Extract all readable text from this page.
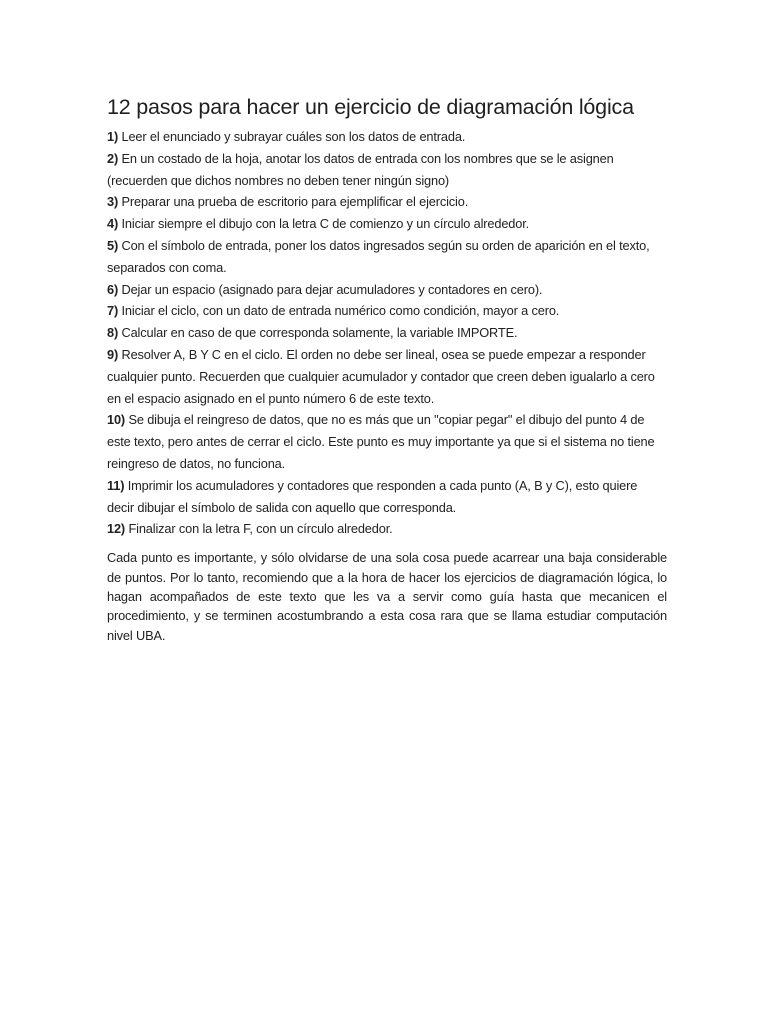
12 pasos para hacer un ejercicio de diagramación lógica
1) Leer el enunciado y subrayar cuáles son los datos de entrada.
2) En un costado de la hoja, anotar los datos de entrada con los nombres que se le asignen (recuerden que dichos nombres no deben tener ningún signo)
3) Preparar una prueba de escritorio para ejemplificar el ejercicio.
4) Iniciar siempre el dibujo con la letra C de comienzo y un círculo alrededor.
5) Con el símbolo de entrada, poner los datos ingresados según su orden de aparición en el texto, separados con coma.
6) Dejar un espacio (asignado para dejar acumuladores y contadores en cero).
7) Iniciar el ciclo, con un dato de entrada numérico como condición, mayor a cero.
8) Calcular en caso de que corresponda solamente, la variable IMPORTE.
9) Resolver A, B Y C en el ciclo. El orden no debe ser lineal, osea se puede empezar a responder cualquier punto. Recuerden que cualquier acumulador y contador que creen deben igualarlo a cero en el espacio asignado en el punto número 6 de este texto.
10) Se dibuja el reingreso de datos, que no es más que un "copiar pegar" el dibujo del punto 4 de este texto, pero antes de cerrar el ciclo. Este punto es muy importante ya que si el sistema no tiene reingreso de datos, no funciona.
11) Imprimir los acumuladores y contadores que responden a cada punto (A, B y C), esto quiere decir dibujar el símbolo de salida con aquello que corresponda.
12) Finalizar con la letra F, con un círculo alrededor.

Cada punto es importante, y sólo olvidarse de una sola cosa puede acarrear una baja considerable de puntos. Por lo tanto, recomiendo que a la hora de hacer los ejercicios de diagramación lógica, lo hagan acompañados de este texto que les va a servir como guía hasta que mecanicen el procedimiento, y se terminen acostumbrando a esta cosa rara que se llama estudiar computación nivel UBA.
